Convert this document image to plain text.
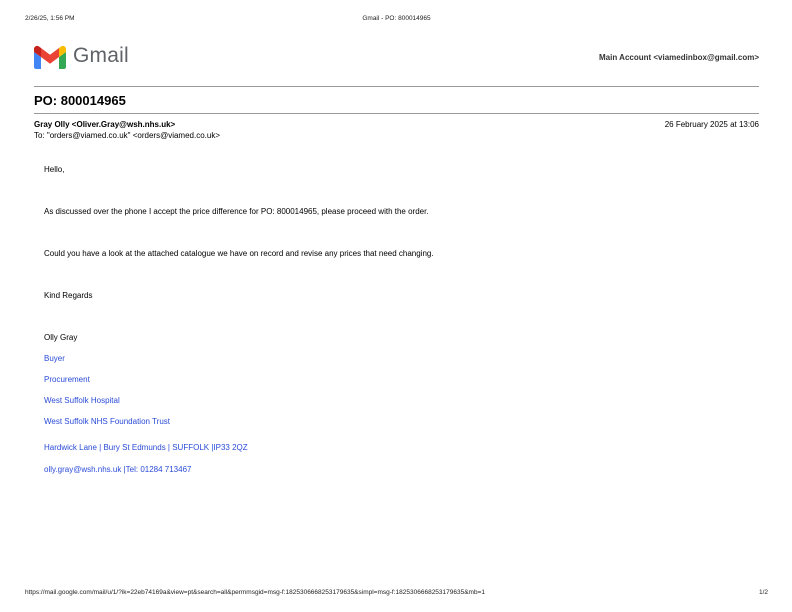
2/26/25, 1:56 PM	Gmail - PO: 800014965
Gmail	Main Account <viamedinbox@gmail.com>
PO: 800014965
Gray Olly <Oliver.Gray@wsh.nhs.uk>	26 February 2025 at 13:06
To: "orders@viamed.co.uk" <orders@viamed.co.uk>
Hello,
As discussed over the phone I accept the price difference for PO: 800014965, please proceed with the order.
Could you have a look at the attached catalogue we have on record and revise any prices that need changing.
Kind Regards
Olly Gray
Buyer
Procurement
West Suffolk Hospital
West Suffolk NHS Foundation Trust
Hardwick Lane | Bury St Edmunds | SUFFOLK |IP33 2QZ
olly.gray@wsh.nhs.uk |Tel: 01284 713467
https://mail.google.com/mail/u/1/?ik=22eb74169a&view=pt&search=all&permmsgid=msg-f:1825306668253179635&simpl=msg-f:1825306668253179635&mb=1	1/2
